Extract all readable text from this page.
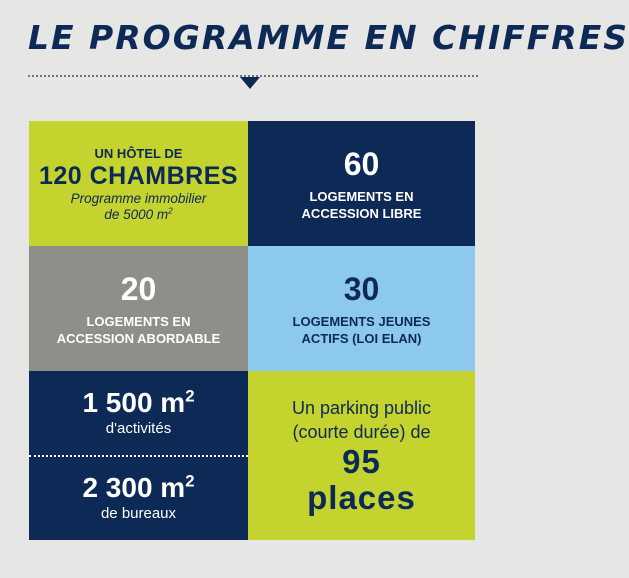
LE PROGRAMME EN CHIFFRES
UN HÔTEL DE
120 CHAMBRES
Programme immobilier
de 5000 $m^2$
60
LOGEMENTS EN
ACCESSION LIBRE
20
LOGEMENTS EN
ACCESSION ABORDABLE
30
LOGEMENTS JEUNES
ACTIFS (LOI ELAN)
1 500 $m^2$
d'activités
2 300 $m^2$
de bureaux
Un parking public
(courte durée) de
95
places
